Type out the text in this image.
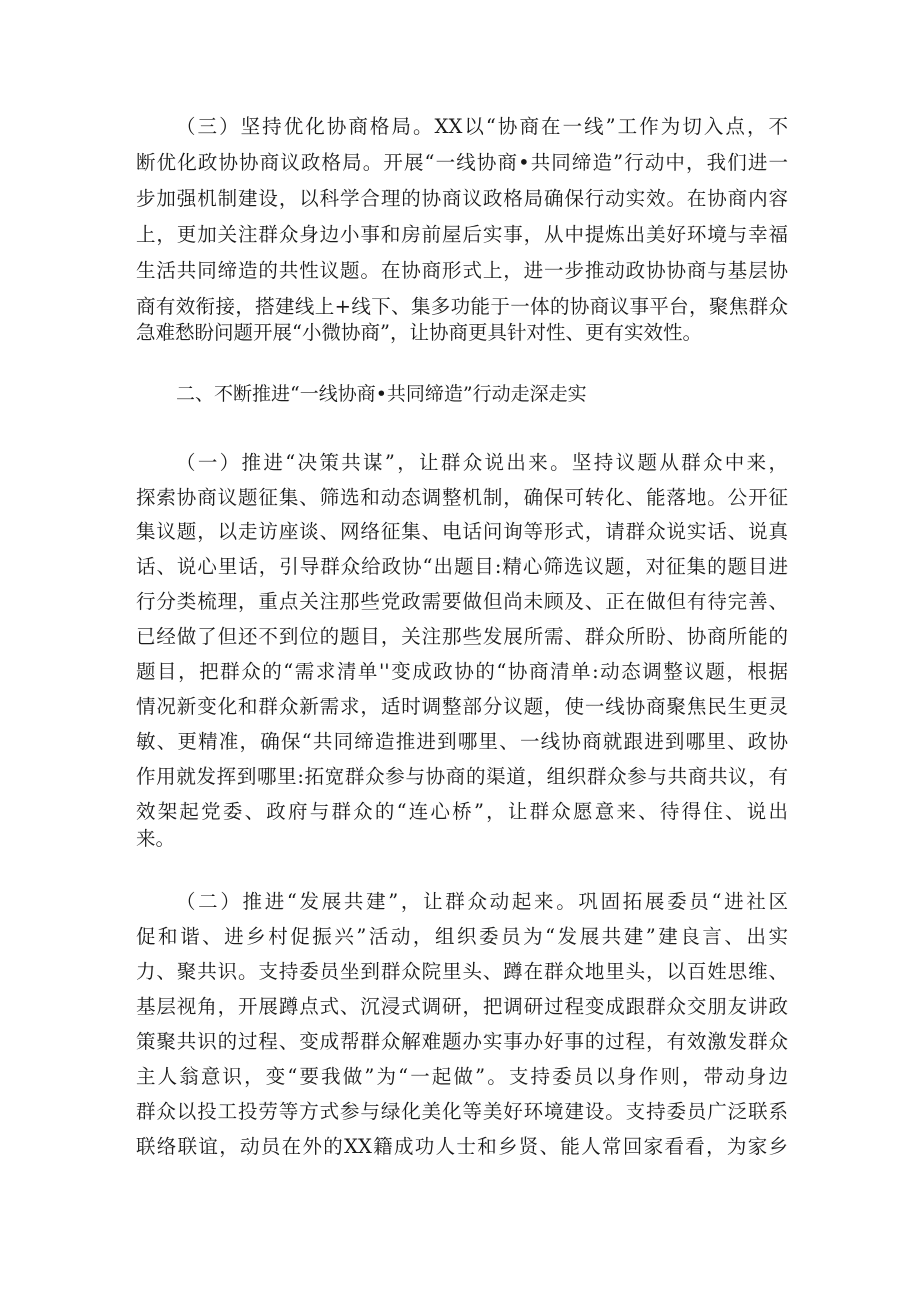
（三）坚持优化协商格局。XX以“协商在一线”工作为切入点，不
断优化政协协商议政格局。开展“一线协商•共同缔造”行动中，我们进一
步加强机制建设，以科学合理的协商议政格局确保行动实效。在协商内容
上，更加关注群众身边小事和房前屋后实事，从中提炼出美好环境与幸福
生活共同缔造的共性议题。在协商形式上，进一步推动政协协商与基层协
商有效衔接，搭建线上+线下、集多功能于一体的协商议事平台，聚焦群众
急难愁盼问题开展“小微协商”，让协商更具针对性、更有实效性。
二、不断推进“一线协商•共同缔造”行动走深走实
（一）推进“决策共谋”，让群众说出来。坚持议题从群众中来，
探索协商议题征集、筛选和动态调整机制，确保可转化、能落地。公开征
集议题，以走访座谈、网络征集、电话问询等形式，请群众说实话、说真
话、说心里话，引导群众给政协“出题目:精心筛选议题，对征集的题目进
行分类梳理，重点关注那些党政需要做但尚未顾及、正在做但有待完善、
已经做了但还不到位的题目，关注那些发展所需、群众所盼、协商所能的
题目，把群众的“需求清单''变成政协的“协商清单:动态调整议题，根据
情况新变化和群众新需求，适时调整部分议题，使一线协商聚焦民生更灵
敏、更精准，确保“共同缔造推进到哪里、一线协商就跟进到哪里、政协
作用就发挥到哪里:拓宽群众参与协商的渠道，组织群众参与共商共议，有
效架起党委、政府与群众的“连心桥”，让群众愿意来、待得住、说出
来。
（二）推进“发展共建”，让群众动起来。巩固拓展委员“进社区
促和谐、进乡村促振兴”活动，组织委员为“发展共建”建良言、出实
力、聚共识。支持委员坐到群众院里头、蹲在群众地里头，以百姓思维、
基层视角，开展蹲点式、沉浸式调研，把调研过程变成跟群众交朋友讲政
策聚共识的过程、变成帮群众解难题办实事办好事的过程，有效激发群众
主人翁意识，变“要我做”为“一起做”。支持委员以身作则，带动身边
群众以投工投劳等方式参与绿化美化等美好环境建设。支持委员广泛联系
联络联谊，动员在外的XX籍成功人士和乡贤、能人常回家看看，为家乡
